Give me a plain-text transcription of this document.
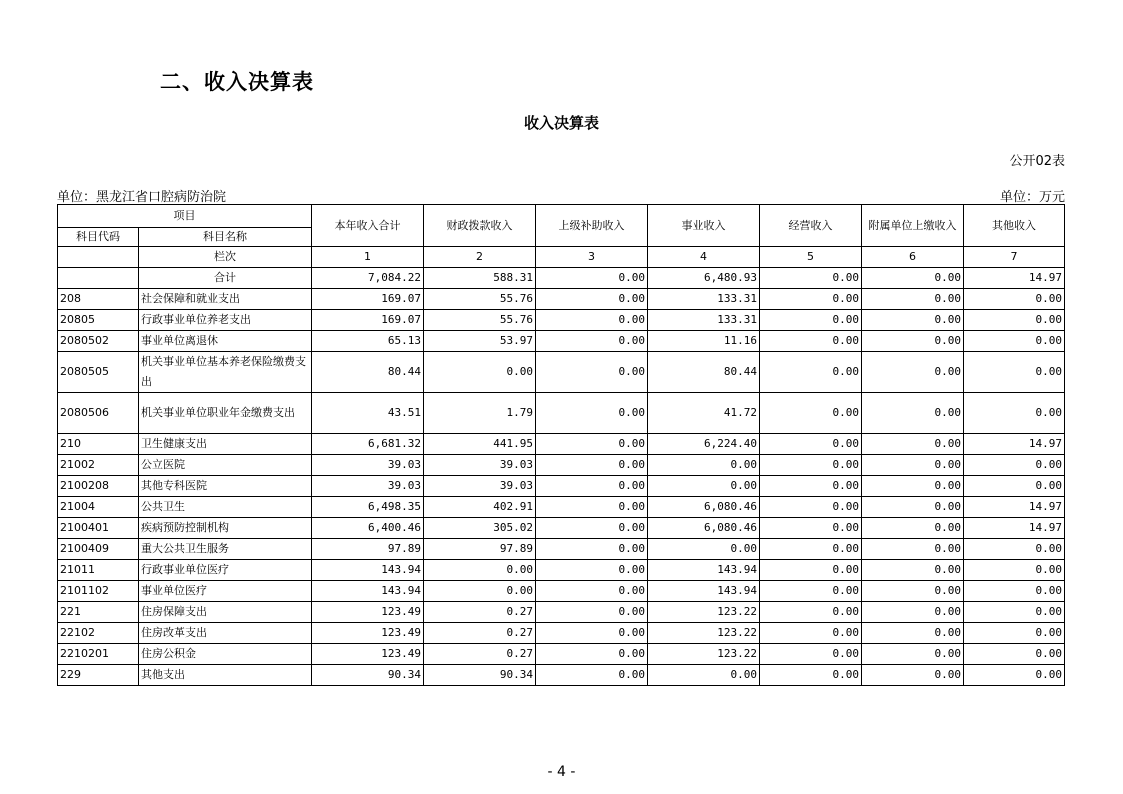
二、收入决算表
收入决算表
公开02表
单位：黑龙江省口腔病防治院	单位：万元
项目		本年收入合计	财政拨款收入	上级补助收入	事业收入	经营收入	附属单位上缴收入	其他收入
科目代码	科目名称							
	栏次	1	2	3	4	5	6	7
	合计	7,084.22	588.31	0.00	6,480.93	0.00	0.00	14.97
208	社会保障和就业支出	169.07	55.76	0.00	133.31	0.00	0.00	0.00
20805	行政事业单位养老支出	169.07	55.76	0.00	133.31	0.00	0.00	0.00
2080502	事业单位离退休	65.13	53.97	0.00	11.16	0.00	0.00	0.00
2080505	机关事业单位基本养老保险缴费支出	80.44	0.00	0.00	80.44	0.00	0.00	0.00
2080506	机关事业单位职业年金缴费支出	43.51	1.79	0.00	41.72	0.00	0.00	0.00
210	卫生健康支出	6,681.32	441.95	0.00	6,224.40	0.00	0.00	14.97
21002	公立医院	39.03	39.03	0.00	0.00	0.00	0.00	0.00
2100208	其他专科医院	39.03	39.03	0.00	0.00	0.00	0.00	0.00
21004	公共卫生	6,498.35	402.91	0.00	6,080.46	0.00	0.00	14.97
2100401	疾病预防控制机构	6,400.46	305.02	0.00	6,080.46	0.00	0.00	14.97
2100409	重大公共卫生服务	97.89	97.89	0.00	0.00	0.00	0.00	0.00
21011	行政事业单位医疗	143.94	0.00	0.00	143.94	0.00	0.00	0.00
2101102	事业单位医疗	143.94	0.00	0.00	143.94	0.00	0.00	0.00
221	住房保障支出	123.49	0.27	0.00	123.22	0.00	0.00	0.00
22102	住房改革支出	123.49	0.27	0.00	123.22	0.00	0.00	0.00
2210201	住房公积金	123.49	0.27	0.00	123.22	0.00	0.00	0.00
229	其他支出	90.34	90.34	0.00	0.00	0.00	0.00	0.00
- 4 -
